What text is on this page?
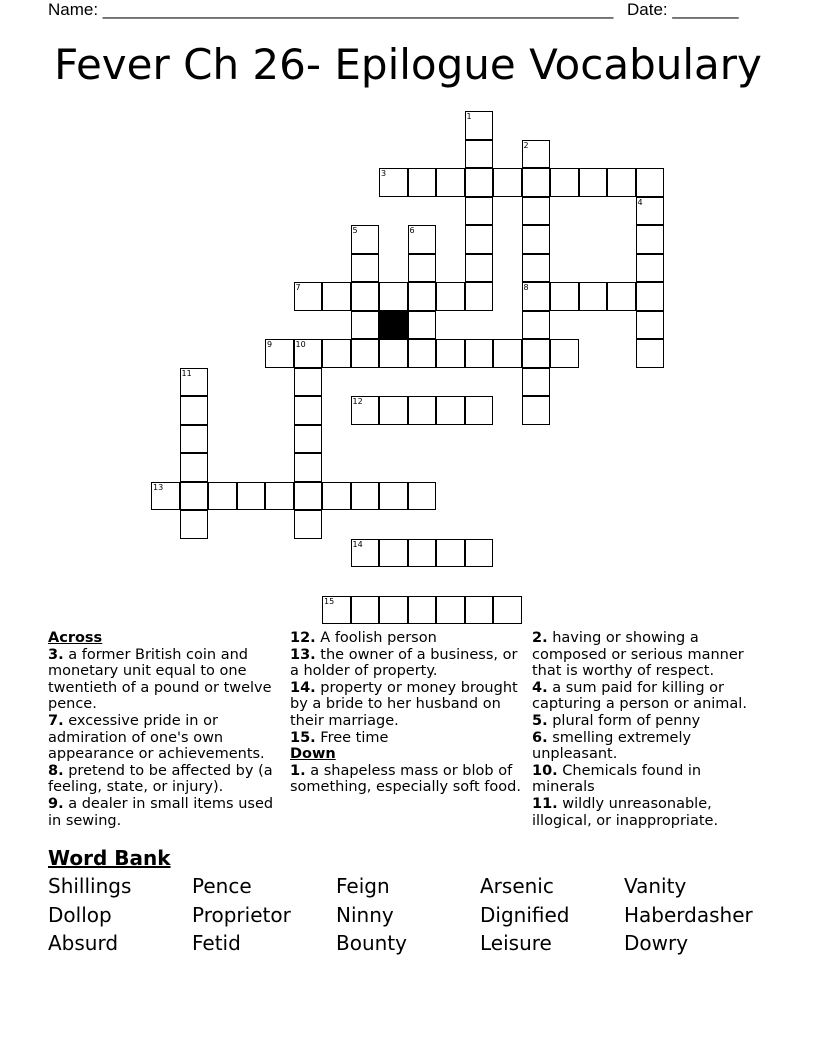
Name: ______________________________________________________ Date: _______
Fever Ch 26- Epilogue Vocabulary
1
2
3
4
5	6
7	8
9	10
11
12
13
14
15
Across
3. a former British coin and monetary unit equal to one twentieth of a pound or twelve pence.
7. excessive pride in or admiration of one's own appearance or achievements.
8. pretend to be affected by (a feeling, state, or injury).
9. a dealer in small items used in sewing.
12. A foolish person
13. the owner of a business, or a holder of property.
14. property or money brought by a bride to her husband on their marriage.
15. Free time
Down
1. a shapeless mass or blob of something, especially soft food.
2. having or showing a composed or serious manner that is worthy of respect.
4. a sum paid for killing or capturing a person or animal.
5. plural form of penny
6. smelling extremely unpleasant.
10. Chemicals found in minerals
11. wildly unreasonable, illogical, or inappropriate.
Word Bank
Shillings	Pence	Feign	Arsenic	Vanity
Dollop	Proprietor Ninny	Dignified	Haberdasher
Absurd	Fetid	Bounty	Leisure	Dowry
